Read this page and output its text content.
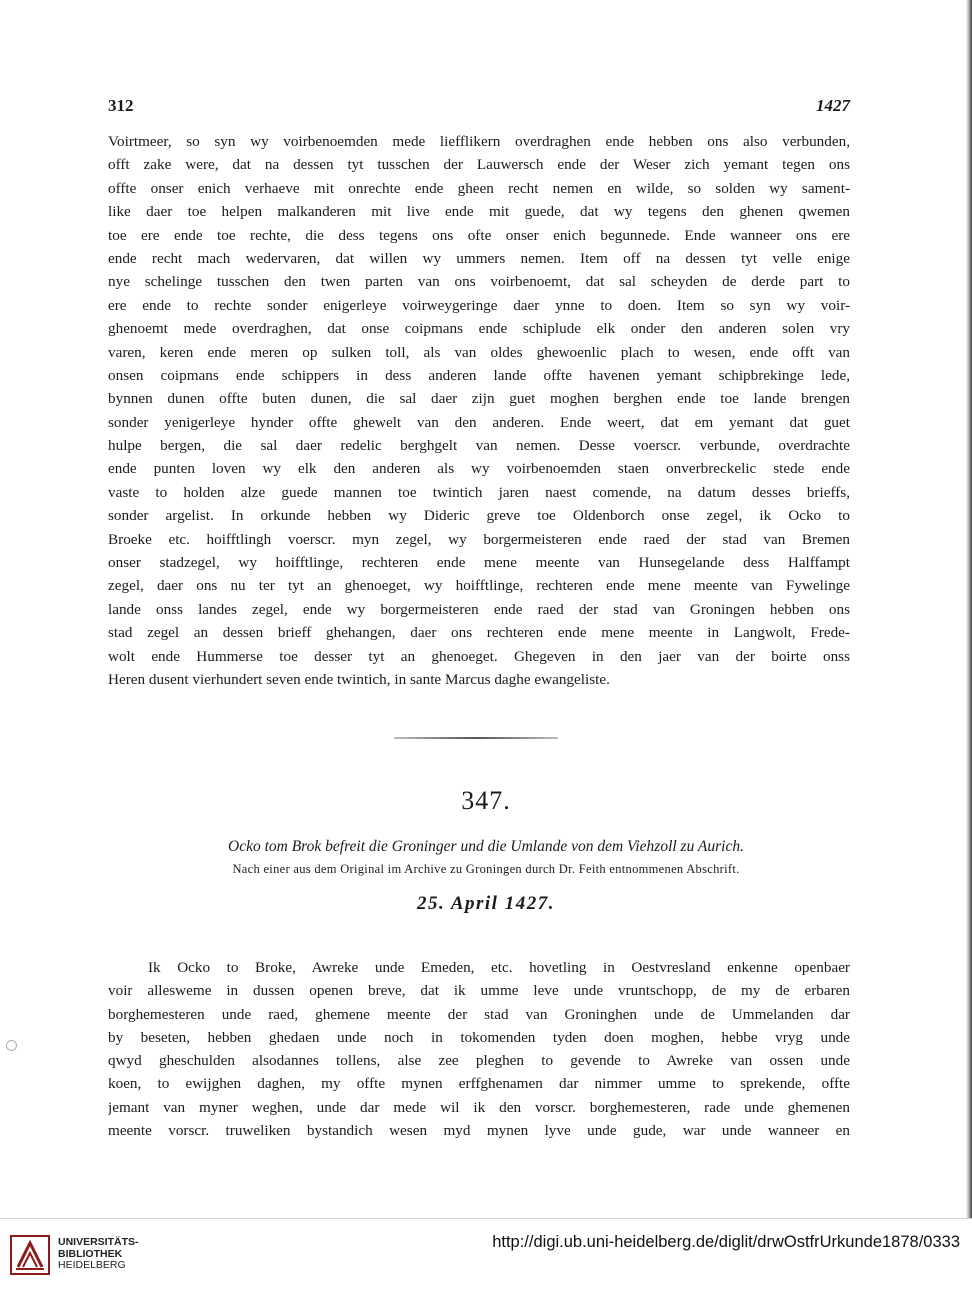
312	1427
Voirtmeer, so syn wy voirbenoemden mede liefflikern overdraghen ende hebben ons also verbunden,
offt zake were, dat na dessen tyt tusschen der Lauwersch ende der Weser zich yemant tegen ons
offte onser enich verhaeve mit onrechte ende gheen recht nemen en wilde, so solden wy sament-
like daer toe helpen malkanderen mit live ende mit guede, dat wy tegens den ghenen qwemen
toe ere ende toe rechte, die dess tegens ons ofte onser enich begunnede. Ende wanneer ons ere
ende recht mach wedervaren, dat willen wy ummers nemen. Item off na dessen tyt velle enige
nye schelinge tusschen den twen parten van ons voirbenoemt, dat sal scheyden de derde part to
ere ende to rechte sonder enigerleye voirweygeringe daer ynne to doen. Item so syn wy voir-
ghenoemt mede overdraghen, dat onse coipmans ende schiplude elk onder den anderen solen vry
varen, keren ende meren op sulken toll, als van oldes ghewoenlic plach to wesen, ende offt van
onsen coipmans ende schippers in dess anderen lande offte havenen yemant schipbrekinge lede,
bynnen dunen offte buten dunen, die sal daer zijn guet moghen berghen ende toe lande brengen
sonder yenigerleye hynder offte ghewelt van den anderen. Ende weert, dat em yemant dat guet
hulpe bergen, die sal daer redelic berghgelt van nemen. Desse voerscr. verbunde, overdrachte
ende punten loven wy elk den anderen als wy voirbenoemden staen onverbreckelic stede ende
vaste to holden alze guede mannen toe twintich jaren naest comende, na datum desses brieffs,
sonder argelist. In orkunde hebben wy Dideric greve toe Oldenborch onse zegel, ik Ocko to
Broeke etc. hoifftlingh voerscr. myn zegel, wy borgermeisteren ende raed der stad van Bremen
onser stadzegel, wy hoifftlinge, rechteren ende mene meente van Hunsegelande dess Halffampt
zegel, daer ons nu ter tyt an ghenoeget, wy hoifftlinge, rechteren ende mene meente van Fywelinge
lande onss landes zegel, ende wy borgermeisteren ende raed der stad van Groningen hebben ons
stad zegel an dessen brieff ghehangen, daer ons rechteren ende mene meente in Langwolt, Frede-
wolt ende Hummerse toe desser tyt an ghenoeget. Ghegeven in den jaer van der boirte onss
Heren dusent vierhundert seven ende twintich, in sante Marcus daghe ewangeliste.
347.
Ocko tom Brok befreit die Groninger und die Umlande von dem Viehzoll zu Aurich.
Nach einer aus dem Original im Archive zu Groningen durch Dr. Feith entnommenen Abschrift.
25. April 1427.
Ik Ocko to Broke, Awreke unde Emeden, etc. hovetling in Oestvresland enkenne openbaer
voir allesweme in dussen openen breve, dat ik umme leve unde vruntschopp, de my de erbaren
borghemesteren unde raed, ghemene meente der stad van Groninghen unde de Ummelanden dar
by beseten, hebben ghedaen unde noch in tokomenden tyden doen moghen, hebbe vryg unde
qwyd gheschulden alsodannes tollens, alse zee pleghen to gevende to Awreke van ossen unde
koen, to ewijghen daghen, my offte mynen erffghenamen dar nimmer umme to sprekende, offte
jemant van myner weghen, unde dar mede wil ik den vorscr. borghemesteren, rade unde ghemenen
meente vorscr. truweliken bystandich wesen myd mynen lyve unde gude, war unde wanneer en
UNIVERSITÄTS-
BIBLIOTHEK
HEIDELBERG
http://digi.ub.uni-heidelberg.de/diglit/drwOstfrUrkunde1878/0333
